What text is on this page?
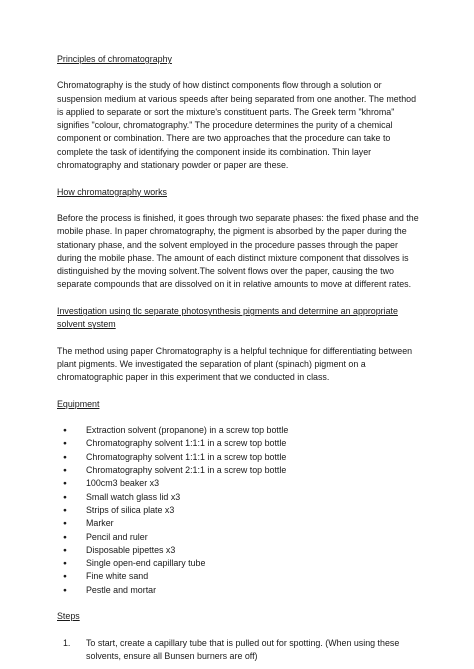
Principles of chromatography

Chromatography is the study of how distinct components flow through a solution or suspension medium at various speeds after being separated from one another. The method is applied to separate or sort the mixture's constituent parts. The Greek term "khroma" signifies "colour, chromatography." The procedure determines the purity of a chemical component or combination. There are two approaches that the procedure can take to complete the task of identifying the component inside its combination. Thin layer chromatography and stationary powder or paper are these.

How chromatography works

Before the process is finished, it goes through two separate phases: the fixed phase and the mobile phase. In paper chromatography, the pigment is absorbed by the paper during the stationary phase, and the solvent employed in the procedure passes through the paper during the mobile phase. The amount of each distinct mixture component that dissolves is distinguished by the moving solvent.The solvent flows over the paper, causing the two separate compounds that are dissolved on it in relative amounts to move at different rates.

Investigation using tlc separate photosynthesis pigments and determine an appropriate solvent system

The method using paper Chromatography is a helpful technique for differentiating between plant pigments. We investigated the separation of plant (spinach) pigment on a chromatographic paper in this experiment that we conducted in class.

Equipment
● Extraction solvent (propanone) in a screw top bottle
● Chromatography solvent 1:1:1 in a screw top bottle
● Chromatography solvent 1:1:1 in a screw top bottle
● Chromatography solvent 2:1:1 in a screw top bottle
● 100cm3 beaker x3
● Small watch glass lid x3
● Strips of silica plate x3
● Marker
● Pencil and ruler
● Disposable pipettes x3
● Single open-end capillary tube
● Fine white sand
● Pestle and mortar
Steps
1. To start, create a capillary tube that is pulled out for spotting. (When using these solvents, ensure all Bunsen burners are off)
